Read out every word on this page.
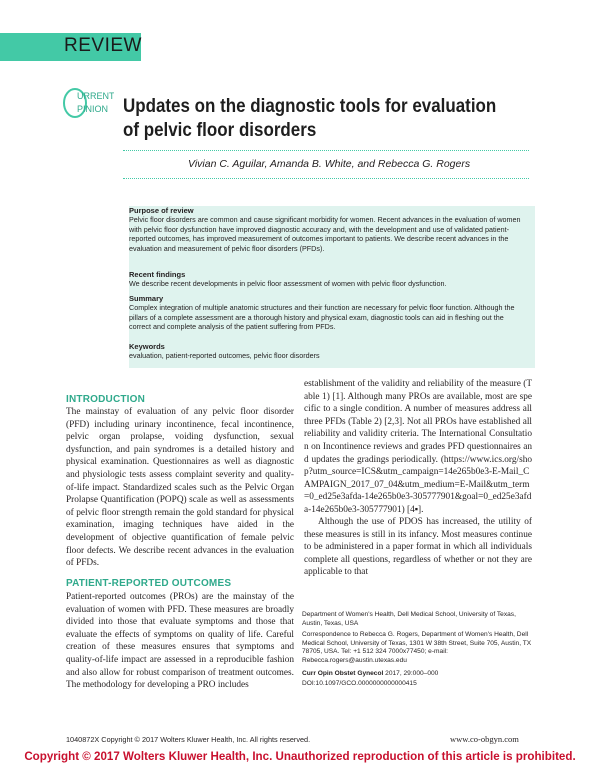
REVIEW
URRENT
PINION Updates on the diagnostic tools for evaluation of pelvic floor disorders
Vivian C. Aguilar, Amanda B. White, and Rebecca G. Rogers

Purpose of review

Pelvic floor disorders are common and cause significant morbidity for women. Recent advances in the evaluation of women with pelvic floor dysfunction have improved diagnostic accuracy and, with the development and use of validated patient-reported outcomes, has improved measurement of outcomes important to patients. We describe recent advances in the evaluation and measurement of pelvic floor disorders (PFDs).

Recent findings

We describe recent developments in pelvic floor assessment of women with pelvic floor dysfunction.

Summary

Complex integration of multiple anatomic structures and their function are necessary for pelvic floor function. Although the pillars of a complete assessment are a thorough history and physical exam, diagnostic tools can aid in fleshing out the correct and complete analysis of the patient suffering from PFDs.

Keywords

evaluation, patient-reported outcomes, pelvic floor disorders

INTRODUCTION
The mainstay of evaluation of any pelvic floor disorder (PFD) including urinary incontinence, fecal incontinence, pelvic organ prolapse, voiding dysfunction, sexual dysfunction, and pain syndromes is a detailed history and physical examination. Questionnaires as well as diagnostic and physiologic tests assess complaint severity and quality-of-life impact. Standardized scales such as the Pelvic Organ Prolapse Quantification (POPQ) scale as well as assessments of pelvic floor strength remain the gold standard for physical examination, imaging techniques have aided in the development of objective quantification of female pelvic floor defects. We describe recent advances in the evaluation of PFDs.
PATIENT-REPORTED OUTCOMES
Patient-reported outcomes (PROs) are the mainstay of the evaluation of women with PFD. These measures are broadly divided into those that evaluate symptoms and those that evaluate the effects of symptoms on quality of life. Careful creation of these measures ensures that symptoms and quality-of-life impact are assessed in a reproducible fashion and also allow for robust comparison of treatment outcomes. The methodology for developing a PRO includes
establishment of the validity and reliability of the measure (Table 1) [1]. Although many PROs are available, most are specific to a single condition. A number of measures address all three PFDs (Table 2) [2,3]. Not all PROs have established all reliability and validity criteria. The International Consultation on Incontinence reviews and grades PFD questionnaires and updates the gradings periodically. (https://www.ics.org/shop?utm_source=ICS&utm_campaign=14e265b0e3-E-Mail_CAMPAIGN_2017_07_04&utm_medium=E-Mail&utm_term=0_ed25e3afda-14e265b0e3-305777901&goal=0_ed25e3afda-14e265b0e3-305777901) [4▪].
Although the use of PDOS has increased, the utility of these measures is still in its infancy. Most measures continue to be administered in a paper format in which all individuals complete all questions, regardless of whether or not they are applicable to that
Department of Women's Health, Dell Medical School, University of Texas, Austin, Texas, USA
Correspondence to Rebecca G. Rogers, Department of Women's Health, Dell Medical School, University of Texas, 1301 W 38th Street, Suite 705, Austin, TX 78705, USA. Tel: +1 512 324 7000x77450; e-mail: Rebecca.rogers@austin.utexas.edu
Curr Opin Obstet Gynecol 2017, 29:000–000
DOI:10.1097/GCO.0000000000000415
1040872X Copyright © 2017 Wolters Kluwer Health, Inc. All rights reserved.	www.co-obgyn.com
Copyright © 2017 Wolters Kluwer Health, Inc. Unauthorized reproduction of this article is prohibited.
